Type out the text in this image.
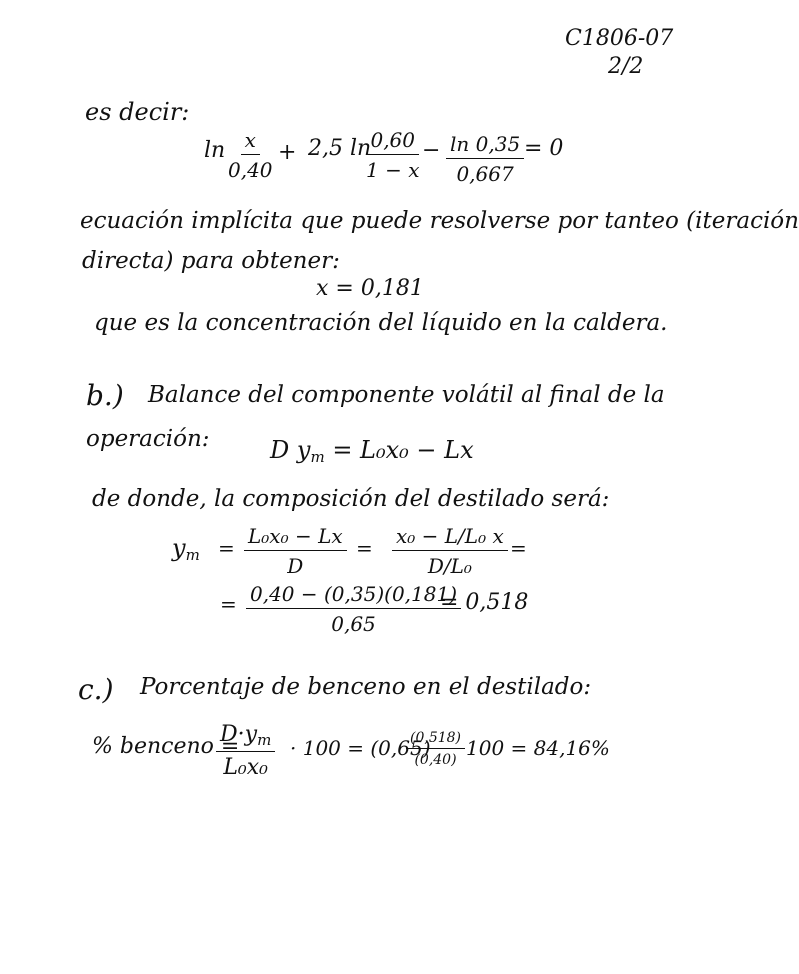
C1806-07
2/2
es decir:
$\ln \frac{x}{0,40} + 2,5$ ln
$\frac{0,60}{1 - x} - \frac{\ln 0,35}{0,667} = 0$
ecuación implícita que puede resolverse por tanteo (iteración
directa) para obtener:
x = 0,181
que es la concentración del líquido en la caldera.
b.) Balance del componente volátil al final de la
operación:	D $y_m = L_0x_0 - Lx$
de donde, la composición del destilado será:
$y_m = \frac{\text{L₀x₀ − Lx}}{D} = \frac{\text{x₀ − L/L₀ x}}{\text{D/L₀}}$ =
= $\frac{0,40 - (0,35)(0,181)}{0,65}$
= 0,518
c.) Porcentaje de benceno en el destilado:
% benceno =
$\frac{D\cdot y_m}{\text{L₀x₀}} \cdot 100 = (0,65)$
$\frac{(0,518)}{(0,40)} 100 = 84,16\%$
